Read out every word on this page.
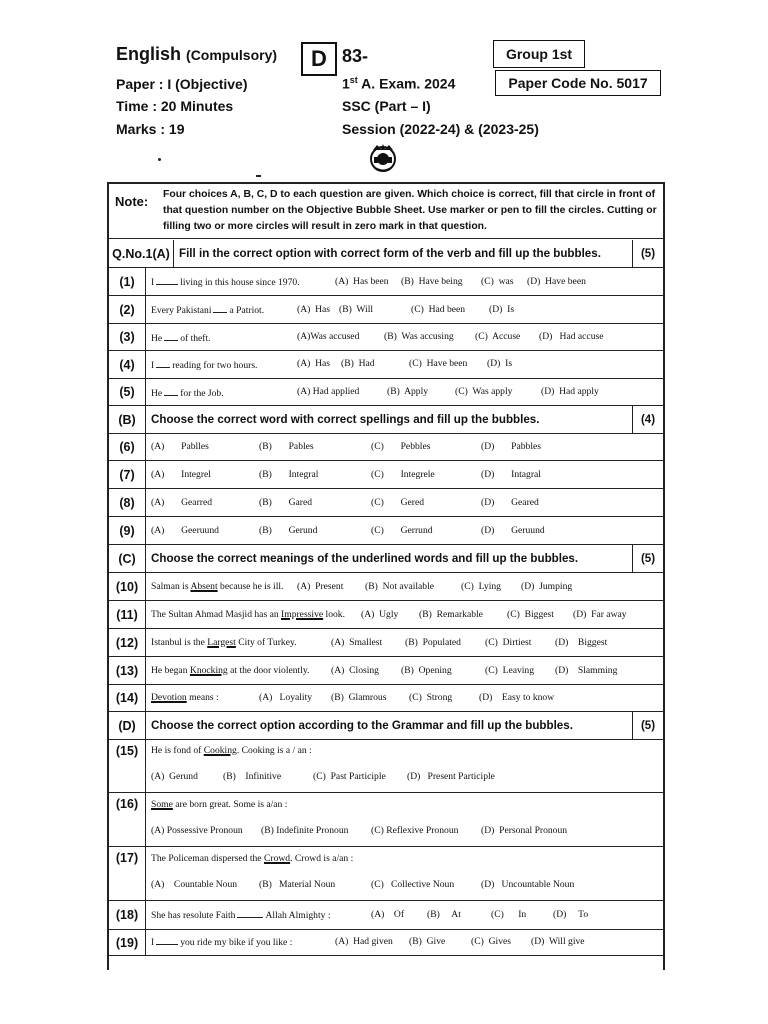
English (Compulsory)
Paper : I (Objective)
Time : 20 Minutes
Marks : 19
D 83-
1st A. Exam. 2024
SSC (Part – I)
Session (2022-24) & (2023-25)
Group 1st
Paper Code No. 5017
Note: Four choices A, B, C, D to each question are given. Which choice is correct, fill that circle in front of that question number on the Objective Bubble Sheet. Use marker or pen to fill the circles. Cutting or filling two or more circles will result in zero mark in that question.
Q.No.1(A) Fill in the correct option with correct form of the verb and fill up the bubbles.	(5)
(1)	I	living in this house since 1970.	(A) Has been (B) Have being (C) was (D) Have been
(2)	Every Pakistani a Patriot.	(A) Has (B) Will	(C) Had been (D) Is
(3)	He of theft.	(A)Was accused	(B) Was accusing (C) Accuse (D) Had accuse
(4)	I reading for two hours.	(A) Has (B) Had	(C) Have been (D) Is
(5)	He for the Job.	(A) Had applied	(B) Apply	(C) Was apply	(D) Had apply
(B)	Choose the correct word with correct spellings and fill up the bubbles.	(4)
(6)	(A) Pablles	(B) Pables	(C) Pebbles	(D) Pabbles
(7)	(A) Integrel	(B) Integral	(C) Integrele	(D) Intagral
(8)	(A) Gearred	(B) Gared	(C) Gered	(D) Geared
(9)	(A) Geeruund	(B) Gerund	(C) Gerrund	(D) Geruund
(C)	Choose the correct meanings of the underlined words and fill up the bubbles.	(5)
(10)	Salman is Absent because he is ill. (A) Present (B) Not available	(C) Lying (D) Jumping
(11)	The Sultan Ahmad Masjid has an Impressive look. (A) Ugly (B) Remarkable	(C) Biggest (D) Far away
(12)	Istanbul is the Largest City of Turkey.	(A) Smallest (B) Populated	(C) Dirtiest (D) Biggest
(13)	He began Knocking at the door violently. (A) Closing (B) Opening	(C) Leaving (D) Slamming
(14)	Devotion means :	(A) Loyality (B) Glamrous (C) Strong	(D) Easy to know
(D)	Choose the correct option according to the Grammar and fill up the bubbles.	(5)
(15)	He is fond of Cooking. Cooking is a / an :
(A) Gerund	(B) Infinitive	(C) Past Participle (D) Present Participle
(16)	Some are born great. Some is a/an :
(A) Possessive Pronoun (B) Indefinite Pronoun (C) Reflexive Pronoun (D) Personal Pronoun
(17)	The Policeman dispersed the Crowd. Crowd is a/an :
(A) Countable Noun (B) Material Noun	(C) Collective Noun	(D) Uncountable Noun
(18)	She has resolute Faith	Allah Almighty :	(A) Of (B) At	(C) In	(D) To
(19)	I	you ride my bike if you like :	(A) Had given (B) Give	(C) Gives (D) Will give
